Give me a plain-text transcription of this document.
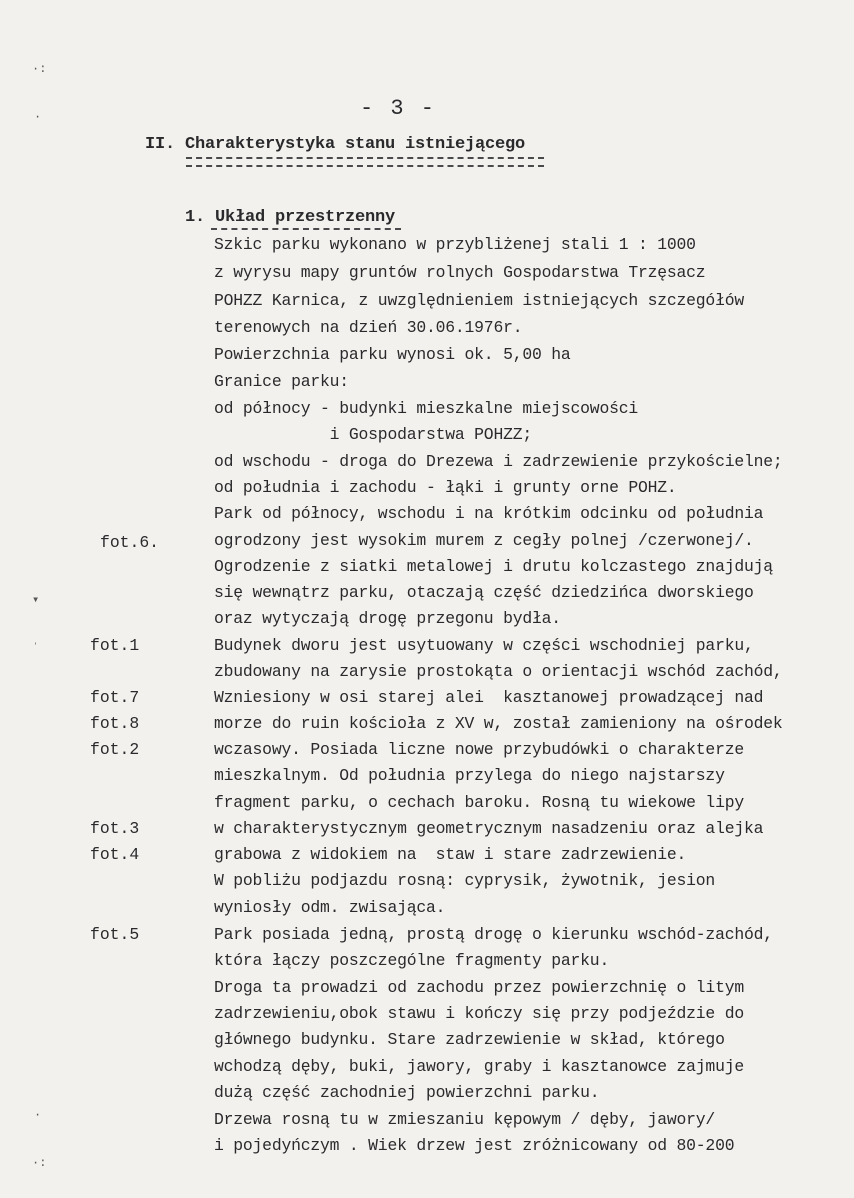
- 3 -
II. Charakterystyka stanu istniejącego
1. Układ przestrzenny
Szkic parku wykonano w przybliżenej stali 1 : 1000
z wyrysu mapy gruntów rolnych Gospodarstwa Trzęsacz
POHZZ Karnica, z uwzględnieniem istniejących szczegółów
terenowych na dzień 30.06.1976r.
Powierzchnia parku wynosi ok. 5,00 ha
Granice parku:
od północy - budynki mieszkalne miejscowości
i Gospodarstwa POHZZ;
od wschodu - droga do Drezewa i zadrzewienie przykościelne;
od południa i zachodu - łąki i grunty orne POHZ.
Park od północy, wschodu i na krótkim odcinku od południa
ogrodzony jest wysokim murem z cegły polnej /czerwonej/.
Ogrodzenie z siatki metalowej i drutu kolczastego znajdują
się wewnątrz parku, otaczają część dziedzińca dworskiego
oraz wytyczają drogę przegonu bydła.
Budynek dworu jest usytuowany w części wschodniej parku,
zbudowany na zarysie prostokąta o orientacji wschód zachód,
Wzniesiony w osi starej alei  kasztanowej prowadzącej nad
morze do ruin kościoła z XV w, został zamieniony na ośrodek
wczasowy. Posiada liczne nowe przybudówki o charakterze
mieszkalnym. Od południa przylega do niego najstarszy
fragment parku, o cechach baroku. Rosną tu wiekowe lipy
w charakterystycznym geometrycznym nasadzeniu oraz alejka
grabowa z widokiem na  staw i stare zadrzewienie.
W pobliżu podjazdu rosną: cyprysik, żywotnik, jesion
wyniosły odm. zwisająca.
Park posiada jedną, prostą drogę o kierunku wschód-zachód,
która łączy poszczególne fragmenty parku.
Droga ta prowadzi od zachodu przez powierzchnię o litym
zadrzewieniu,obok stawu i kończy się przy podjeździe do
głównego budynku. Stare zadrzewienie w skład, którego
wchodzą dęby, buki, jawory, graby i kasztanowce zajmuje
dużą część zachodniej powierzchni parku.
Drzewa rosną tu w zmieszaniu kępowym / dęby, jawory/
i pojedyńczym . Wiek drzew jest zróżnicowany od 80-200
fot.6.
fot.1
fot.7
fot.8
fot.2
fot.3
fot.4
fot.5
·:
·
▾
ˌ
·
·:
